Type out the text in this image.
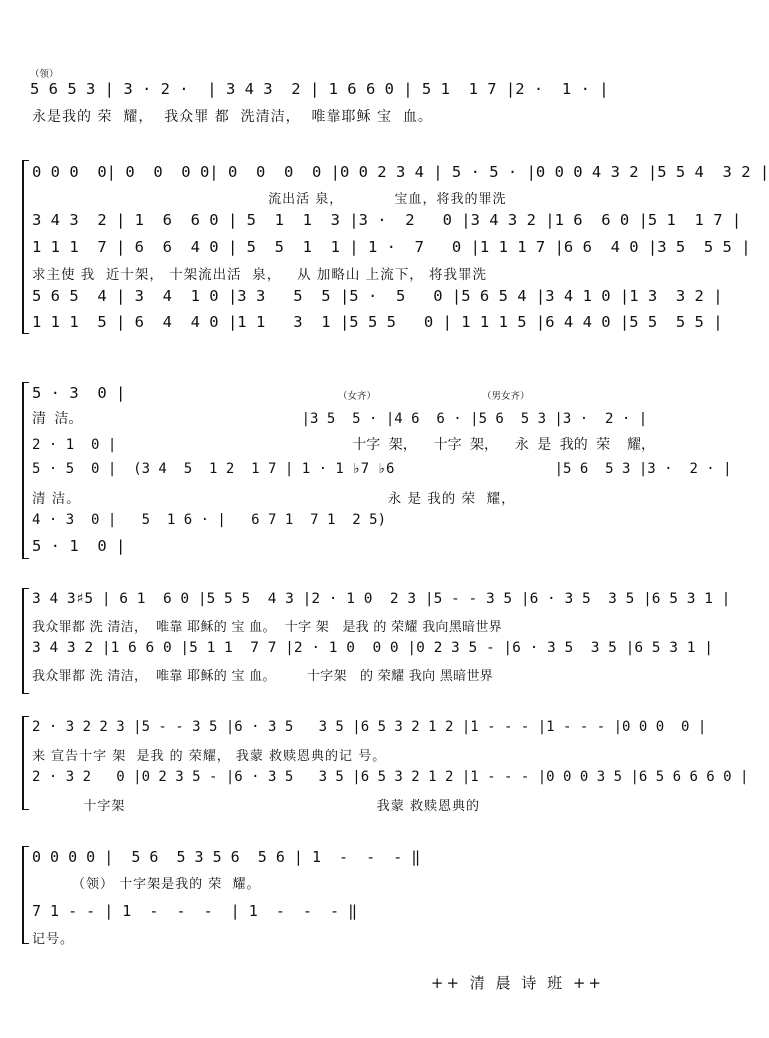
（领）
5 6 5 3 | 3 · 2 ·  | 3 4 3  2 | 1 6 6 0 | 5 1  1 7 |2 ·  1 · |
永是我的 荣  耀，  我众罪 都  洗清洁，  唯靠耶稣 宝  血。
0 0 0  0| 0  0  0 0| 0  0  0  0 |0 0 2 3 4 | 5 · 5 · |0 0 0 4 3 2 |5 5 4  3 2 |
流出活 泉，          宝血，将我的罪洗
3 4 3  2 | 1  6  6 0 | 5  1  1  3 |3 ·  2   0 |3 4 3 2 |1 6  6 0 |5 1  1 7 |
1 1 1  7 | 6  6  4 0 | 5  5  1  1 | 1 ·  7   0 |1 1 1 7 |6 6  4 0 |3 5  5 5 |
求主使 我  近十架， 十架流出活  泉，   从 加略山 上流下， 将我罪洗
5 6 5  4 | 3  4  1 0 |3 3   5  5 |5 ·  5   0 |5 6 5 4 |3 4 1 0 |1 3  3 2 |
1 1 1  5 | 6  4  4 0 |1 1   3  1 |5 5 5   0 | 1 1 1 5 |6 4 4 0 |5 5  5 5 |
（女齐）	（男女齐）
5 · 3  0 |
清 洁。                          |3 5  5 · |4 6  6 · |5 6  5 3 |3 ·  2 · |
2 · 1  0 |                            十字 架，  十字 架，  永 是 我的 荣  耀，
5 · 5  0 |  (3 4  5  1 2  1 7 | 1 · 1 ♭7 ♭6                   |5 6  5 3 |3 ·  2 · |
清 洁。                                                          永 是 我的 荣  耀，
4 · 3  0 |   5  1 6 · |   6 7 1  7 1  2 5)
5 · 1  0 |
3 4 3♯5 | 6 1  6 0 |5 5 5  4 3 |2 · 1 0  2 3 |5 - - 3 5 |6 · 3 5  3 5 |6 5 3 1 |
我众罪都 洗 清洁，  唯靠 耶稣的 宝 血。  十字 架   是我 的 荣耀 我向黑暗世界
3 4 3 2 |1 6 6 0 |5 1 1  7 7 |2 · 1 0  0 0 |0 2 3 5 - |6 · 3 5  3 5 |6 5 3 1 |
我众罪都 洗 清洁，  唯靠 耶稣的 宝 血。       十字架   的 荣耀 我向 黑暗世界
2 · 3 2 2 3 |5 - - 3 5 |6 · 3 5   3 5 |6 5 3 2 1 2 |1 - - - |1 - - - |0 0 0  0 |
来 宣告十字 架  是我 的 荣耀， 我蒙 救赎恩典的记 号。
2 · 3 2   0 |0 2 3 5 - |6 · 3 5   3 5 |6 5 3 2 1 2 |1 - - - |0 0 0 3 5 |6 5 6 6 6 0 |
十字架                                                 我蒙 救赎恩典的
0 0 0 0 |  5 6  5 3 5 6  5 6 | 1  -  -  - ‖
（领） 十字架是我的 荣  耀。
7 1 - - | 1  -  -  -  | 1  -  -  - ‖
记号。
++ 清 晨 诗 班 ++
